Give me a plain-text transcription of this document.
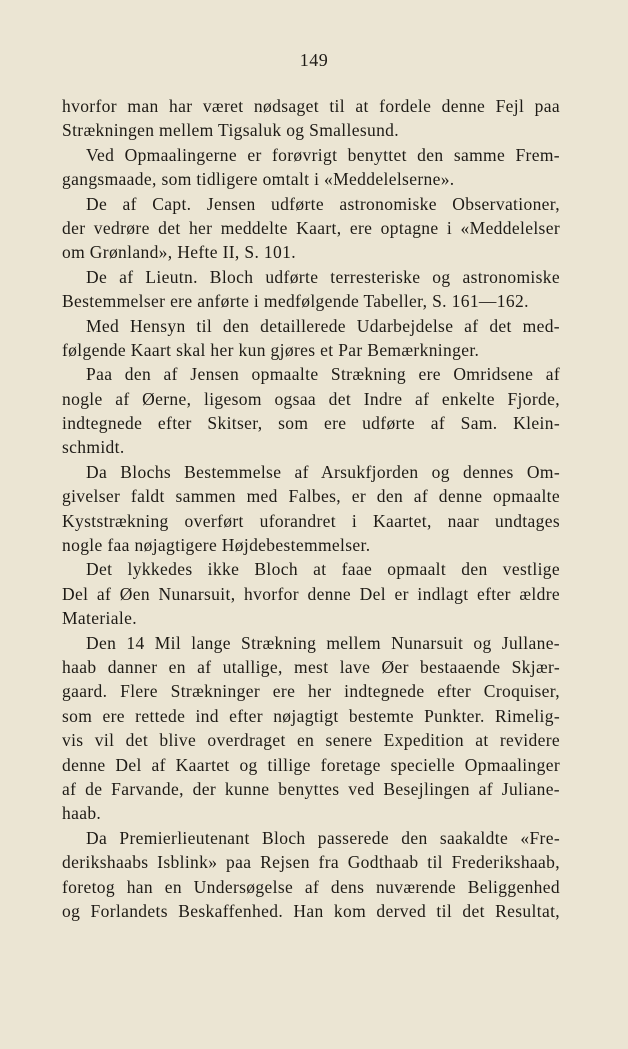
149
hvorfor man har været nødsaget til at fordele denne Fejl paa
Strækningen mellem Tigsaluk og Smallesund.
Ved Opmaalingerne er forøvrigt benyttet den samme Frem-
gangsmaade, som tidligere omtalt i «Meddelelserne».
De af Capt. Jensen udførte astronomiske Observationer,
der vedrøre det her meddelte Kaart, ere optagne i «Meddelelser
om Grønland», Hefte II, S. 101.
De af Lieutn. Bloch udførte terresteriske og astronomiske
Bestemmelser ere anførte i medfølgende Tabeller, S. 161—162.
Med Hensyn til den detaillerede Udarbejdelse af det med-
følgende Kaart skal her kun gjøres et Par Bemærkninger.
Paa den af Jensen opmaalte Strækning ere Omridsene af
nogle af Øerne, ligesom ogsaa det Indre af enkelte Fjorde,
indtegnede efter Skitser, som ere udførte af Sam. Klein-
schmidt.
Da Blochs Bestemmelse af Arsukfjorden og dennes Om-
givelser faldt sammen med Falbes, er den af denne opmaalte
Kyststrækning overført uforandret i Kaartet, naar undtages
nogle faa nøjagtigere Højdebestemmelser.
Det lykkedes ikke Bloch at faae opmaalt den vestlige
Del af Øen Nunarsuit, hvorfor denne Del er indlagt efter ældre
Materiale.
Den 14 Mil lange Strækning mellem Nunarsuit og Jullane-
haab danner en af utallige, mest lave Øer bestaaende Skjær-
gaard. Flere Strækninger ere her indtegnede efter Croquiser,
som ere rettede ind efter nøjagtigt bestemte Punkter. Rimelig-
vis vil det blive overdraget en senere Expedition at revidere
denne Del af Kaartet og tillige foretage specielle Opmaalinger
af de Farvande, der kunne benyttes ved Besejlingen af Juliane-
haab.
Da Premierlieutenant Bloch passerede den saakaldte «Fre-
derikshaabs Isblink» paa Rejsen fra Godthaab til Frederikshaab,
foretog han en Undersøgelse af dens nuværende Beliggenhed
og Forlandets Beskaffenhed. Han kom derved til det Resultat,
